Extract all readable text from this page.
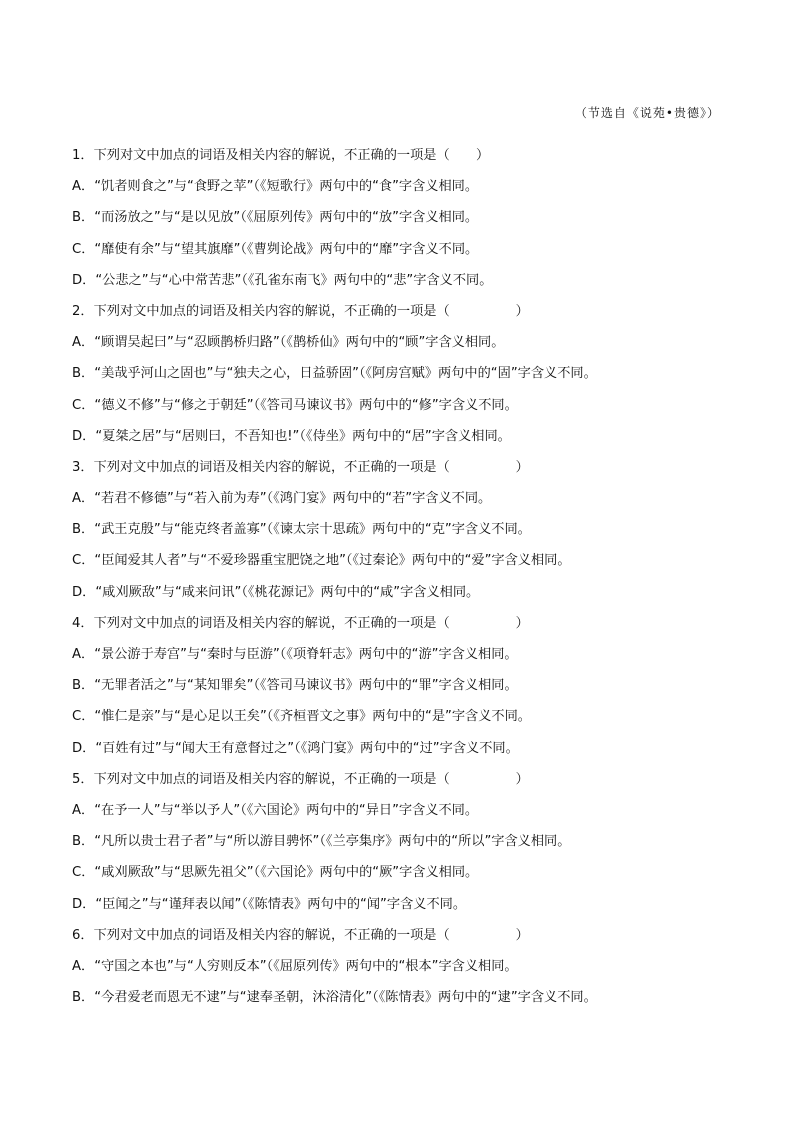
（节选自《说苑•贵德》）
1．下列对文中加点的词语及相关内容的解说，不正确的一项是（　　）
A．“饥者则食之”与“食野之苹”（《短歌行》两句中的“食”字含义相同。
B．“而汤放之”与“是以见放”（《屈原列传》两句中的“放”字含义相同。
C．“靡使有余”与“望其旗靡”（《曹刿论战》两句中的“靡”字含义不同。
D．“公悲之”与“心中常苦悲”（《孔雀东南飞》两句中的“悲”字含义不同。
2．下列对文中加点的词语及相关内容的解说，不正确的一项是（　　　　　）
A．“顾谓吴起曰”与“忍顾鹊桥归路”（《鹊桥仙》两句中的“顾”字含义相同。
B．“美哉乎河山之固也”与“独夫之心，日益骄固”（《阿房宫赋》两句中的“固”字含义不同。
C．“德义不修”与“修之于朝廷”（《答司马谏议书》两句中的“修”字含义不同。
D．“夏桀之居”与“居则曰，不吾知也!”（《侍坐》两句中的“居”字含义相同。
3．下列对文中加点的词语及相关内容的解说，不正确的一项是（　　　　　）
A．“若君不修德”与“若入前为寿”（《鸿门宴》两句中的“若”字含义不同。
B．“武王克殷”与“能克终者盖寡”（《谏太宗十思疏》两句中的“克”字含义不同。
C．“臣闻爱其人者”与“不爱珍器重宝肥饶之地”（《过秦论》两句中的“爱”字含义相同。
D．“咸刈厥敌”与“咸来问讯”（《桃花源记》两句中的“咸”字含义相同。
4．下列对文中加点的词语及相关内容的解说，不正确的一项是（　　　　　）
A．“景公游于寿宫”与“秦时与臣游”（《项脊轩志》两句中的“游”字含义相同。
B．“无罪者活之”与“某知罪矣”（《答司马谏议书》两句中的“罪”字含义相同。
C．“惟仁是亲”与“是心足以王矣”（《齐桓晋文之事》两句中的“是”字含义不同。
D．“百姓有过”与“闻大王有意督过之”（《鸿门宴》两句中的“过”字含义不同。
5．下列对文中加点的词语及相关内容的解说，不正确的一项是（　　　　　）
A．“在予一人”与“举以予人”（《六国论》两句中的“异日”字含义不同。
B．“凡所以贵士君子者”与“所以游目骋怀”（《兰亭集序》两句中的“所以”字含义相同。
C．“咸刈厥敌”与“思厥先祖父”（《六国论》两句中的“厥”字含义相同。
D．“臣闻之”与“谨拜表以闻”（《陈情表》两句中的“闻”字含义不同。
6．下列对文中加点的词语及相关内容的解说，不正确的一项是（　　　　　）
A．“守国之本也”与“人穷则反本”（《屈原列传》两句中的“根本”字含义相同。
B．“今君爱老而恩无不逮”与“逮奉圣朝，沐浴清化”（《陈情表》两句中的“逮”字含义不同。
